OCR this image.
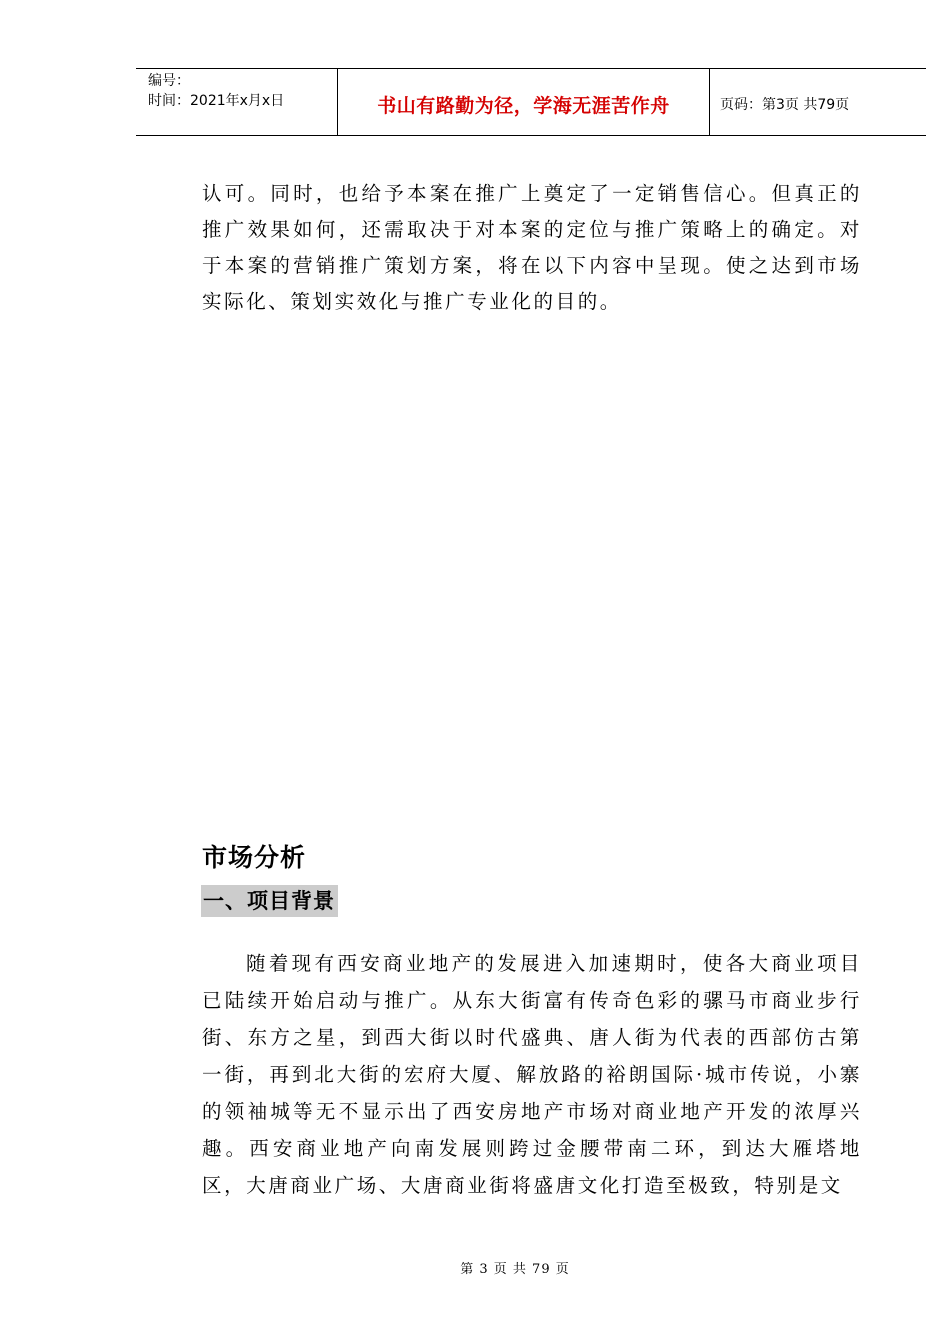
编号：
时间：2021年x月x日	书山有路勤为径，学海无涯苦作舟	页码：第3页 共79页

认可。同时，也给予本案在推广上奠定了一定销售信心。但真正的推广效果如何，还需取决于对本案的定位与推广策略上的确定。对于本案的营销推广策划方案，将在以下内容中呈现。使之达到市场实际化、策划实效化与推广专业化的目的。

市场分析
一、项目背景

随着现有西安商业地产的发展进入加速期时，使各大商业项目已陆续开始启动与推广。从东大街富有传奇色彩的骡马市商业步行街、东方之星，到西大街以时代盛典、唐人街为代表的西部仿古第一街，再到北大街的宏府大厦、解放路的裕朗国际·城市传说，小寨的领袖城等无不显示出了西安房地产市场对商业地产开发的浓厚兴趣。西安商业地产向南发展则跨过金腰带南二环，到达大雁塔地区，大唐商业广场、大唐商业街将盛唐文化打造至极致，特别是文

第 3 页 共 79 页
